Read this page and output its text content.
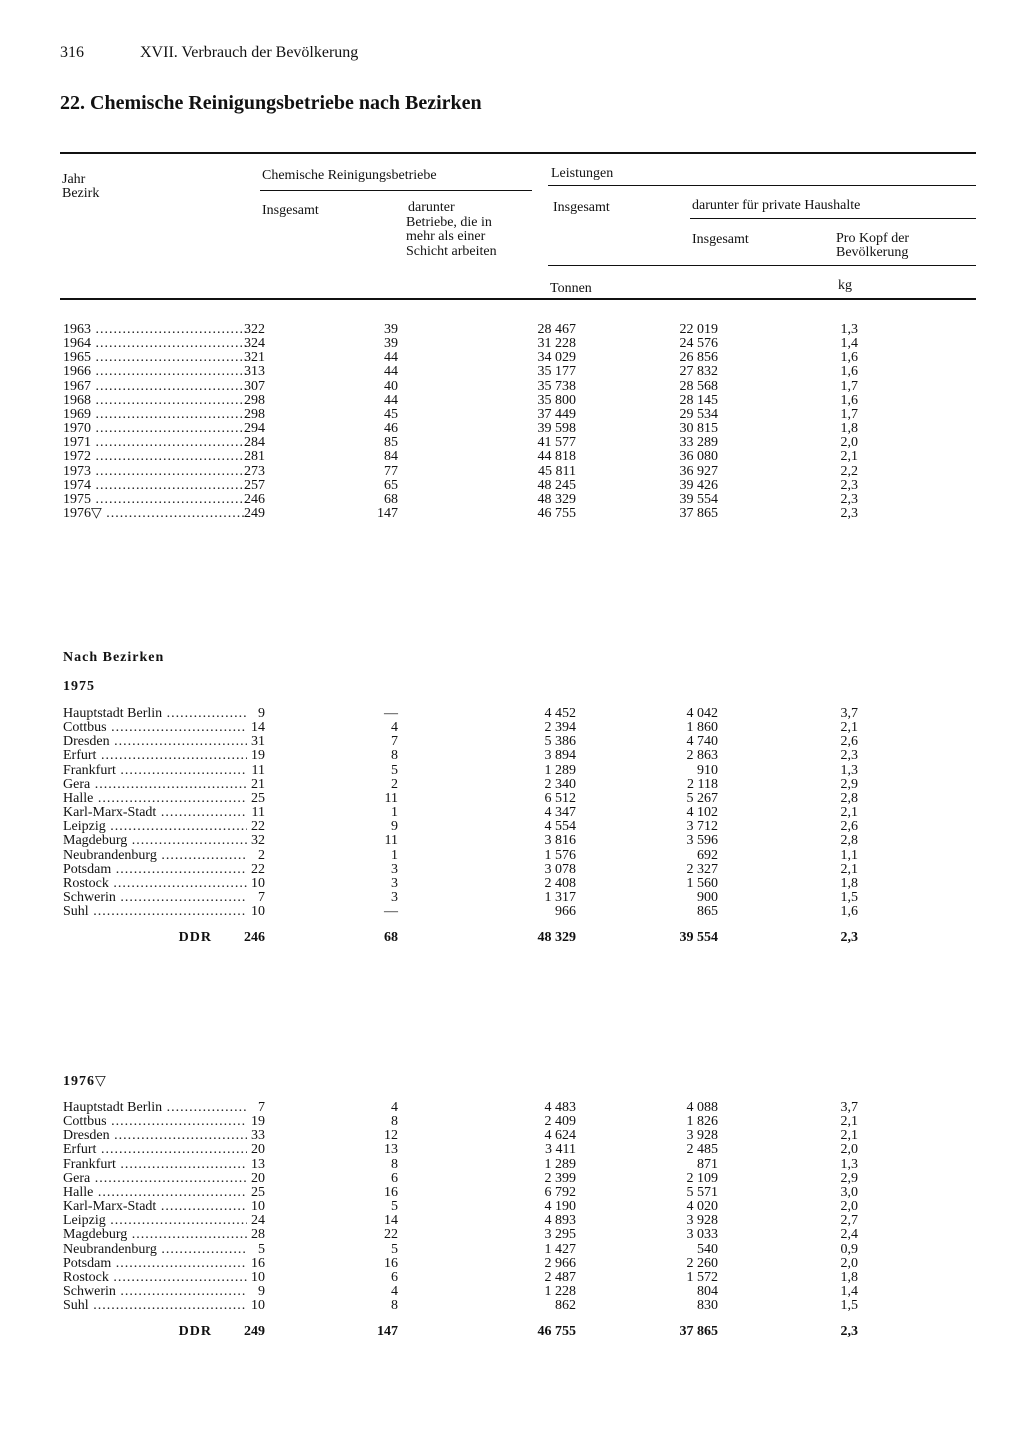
316	XVII. Verbrauch der Bevölkerung
22. Chemische Reinigungsbetriebe nach Bezirken
Jahr
Bezirk
Chemische Reinigungsbetriebe
Insgesamt	darunter
Betriebe, die in
mehr als einer
Schicht arbeiten
Leistungen
Insgesamt	darunter für private Haushalte
Insgesamt	Pro Kopf der
Bevölkerung
Tonnen	kg
1963 .....	322	39	28 467	22 019	1,3
1964 .....	324	39	31 228	24 576	1,4
1965 .....	321	44	34 029	26 856	1,6
1966 .....	313	44	35 177	27 832	1,6
1967 .....	307	40	35 738	28 568	1,7
1968 .....	298	44	35 800	28 145	1,6
1969 .....	298	45	37 449	29 534	1,7
1970 .....	294	46	39 598	30 815	1,8
1971 .....	284	85	41 577	33 289	2,0
1972 .....	281	84	44 818	36 080	2,1
1973 .....	273	77	45 811	36 927	2,2
1974 .....	257	65	48 245	39 426	2,3
1975 .....	246	68	48 329	39 554	2,3
1976▽ .....	249	147	46 755	37 865	2,3
Nach Bezirken
1975
Hauptstadt Berlin .....	9	—	4 452	4 042	3,7
Cottbus .....	14	4	2 394	1 860	2,1
Dresden .....	31	7	5 386	4 740	2,6
Erfurt .....	19	8	3 894	2 863	2,3
Frankfurt .....	11	5	1 289	910	1,3
Gera .....	21	2	2 340	2 118	2,9
Halle .....	25	11	6 512	5 267	2,8
Karl-Marx-Stadt .....	11	1	4 347	4 102	2,1
Leipzig .....	22	9	4 554	3 712	2,6
Magdeburg .....	32	11	3 816	3 596	2,8
Neubrandenburg .....	2	1	1 576	692	1,1
Potsdam .....	22	3	3 078	2 327	2,1
Rostock .....	10	3	2 408	1 560	1,8
Schwerin .....	7	3	1 317	900	1,5
Suhl .....	10	—	966	865	1,6
DDR 246	68	48 329	39 554	2,3
1976▽
Hauptstadt Berlin .....	7	4	4 483	4 088	3,7
Cottbus .....	19	8	2 409	1 826	2,1
Dresden .....	33	12	4 624	3 928	2,1
Erfurt .....	20	13	3 411	2 485	2,0
Frankfurt .....	13	8	1 289	871	1,3
Gera .....	20	6	2 399	2 109	2,9
Halle .....	25	16	6 792	5 571	3,0
Karl-Marx-Stadt .....	10	5	4 190	4 020	2,0
Leipzig .....	24	14	4 893	3 928	2,7
Magdeburg .....	28	22	3 295	3 033	2,4
Neubrandenburg .....	5	5	1 427	540	0,9
Potsdam .....	16	16	2 966	2 260	2,0
Rostock .....	10	6	2 487	1 572	1,8
Schwerin .....	9	4	1 228	804	1,4
Suhl .....	10	8	862	830	1,5
DDR 249	147	46 755	37 865	2,3
